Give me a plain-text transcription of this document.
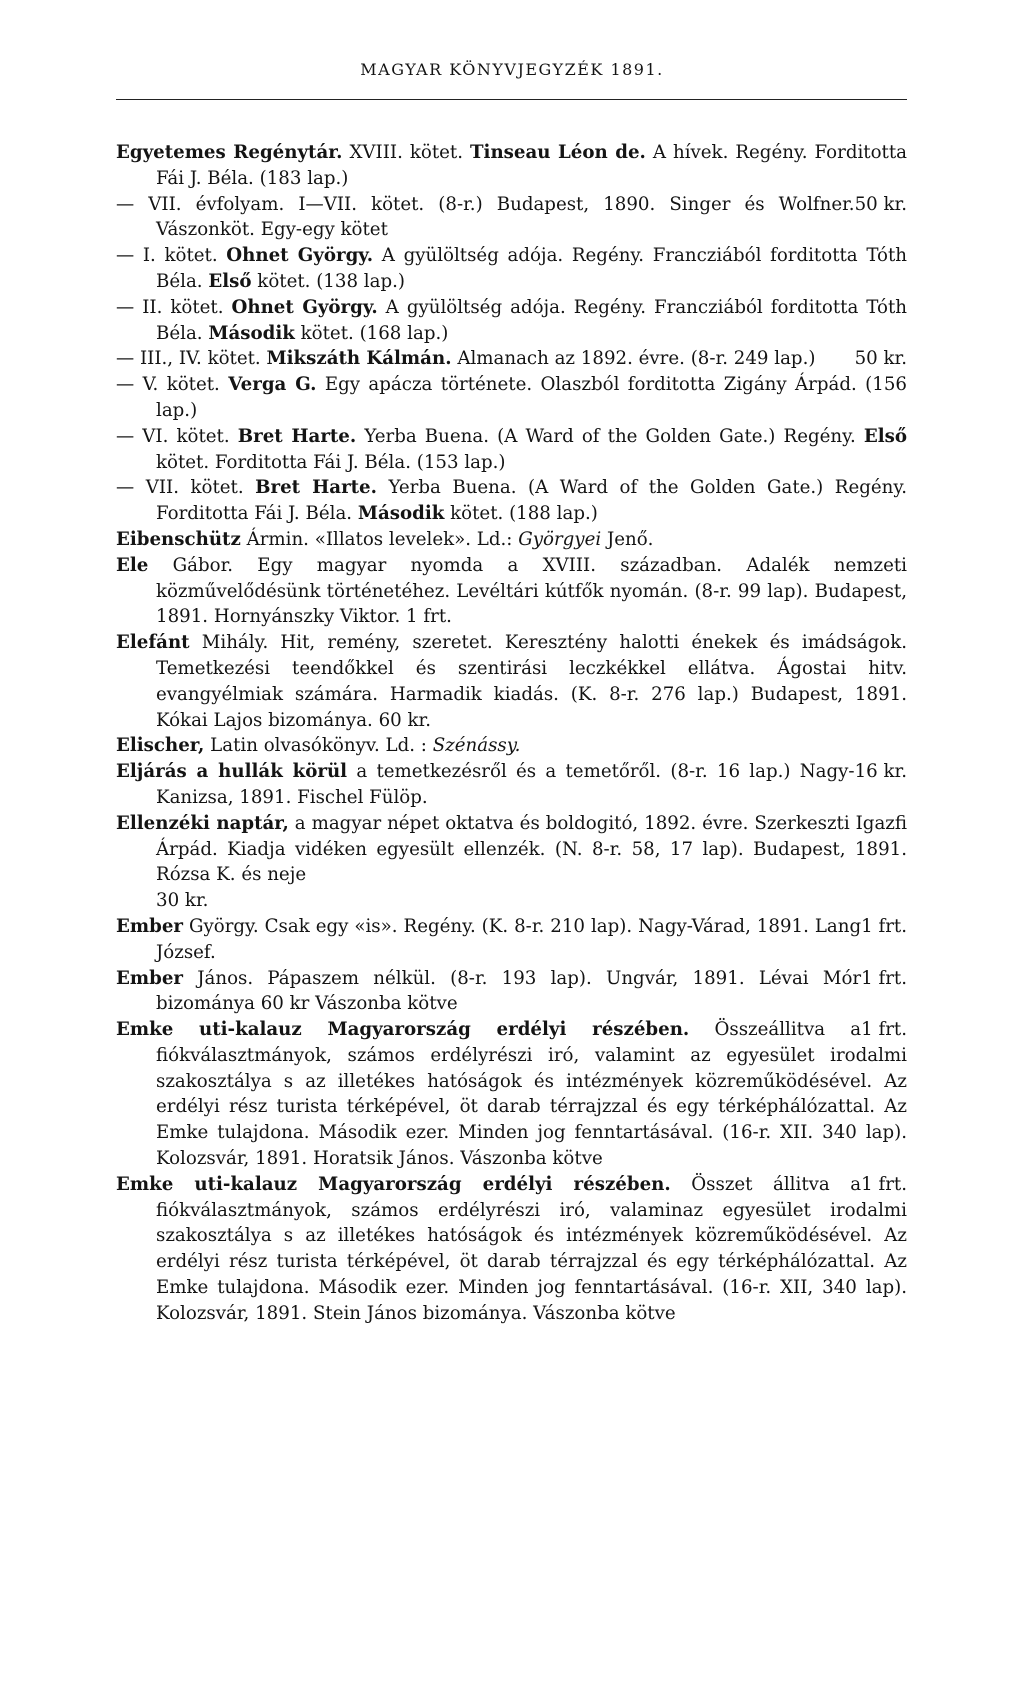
MAGYAR KÖNYVJEGYZÉK 1891.

Egyetemes Regénytár. XVIII. kötet. Tinseau Léon de. A hívek. Regény. Forditotta Fái J. Béla. (183 lap.)

50 kr.
— VII. évfolyam. I—VII. kötet. (8-r.) Budapest, 1890. Singer és Wolfner. Vászonköt. Egy-egy kötet

— I. kötet. Ohnet György. A gyülöltség adója. Regény. Francziából forditotta Tóth Béla. Első kötet. (138 lap.)

— II. kötet. Ohnet György. A gyülöltség adója. Regény. Francziából forditotta Tóth Béla. Második kötet. (168 lap.)

50 kr.
— III., IV. kötet. Mikszáth Kálmán. Almanach az 1892. évre. (8-r. 249 lap.)

— V. kötet. Verga G. Egy apácza története. Olaszból forditotta Zigány Árpád. (156 lap.)

— VI. kötet. Bret Harte. Yerba Buena. (A Ward of the Golden Gate.) Regény. Első kötet. Forditotta Fái J. Béla. (153 lap.)

— VII. kötet. Bret Harte. Yerba Buena. (A Ward of the Golden Gate.) Regény. Forditotta Fái J. Béla. Második kötet. (188 lap.)

Eibenschütz Ármin. «Illatos levelek». Ld.: Györgyei Jenő.

Ele Gábor. Egy magyar nyomda a XVIII. században. Adalék nemzeti közművelődésünk történetéhez. Levéltári kútfők nyomán. (8-r. 99 lap). Budapest, 1891. Hornyánszky Viktor. 1 frt.

Elefánt Mihály. Hit, remény, szeretet. Keresztény halotti énekek és imádságok. Temetkezési teendőkkel és szentirási leczkékkel ellátva. Ágostai hitv. evangyélmiak számára. Harmadik kiadás. (K. 8-r. 276 lap.) Budapest, 1891. Kókai Lajos bizománya. 60 kr.

Elischer, Latin olvasókönyv. Ld. : Szénássy.

16 kr.
Eljárás a hullák körül a temetkezésről és a temetőről. (8-r. 16 lap.) Nagy-Kanizsa, 1891. Fischel Fülöp.

Ellenzéki naptár, a magyar népet oktatva és boldogitó, 1892. évre. Szerkeszti Igazfi Árpád. Kiadja vidéken egyesült ellenzék. (N. 8-r. 58, 17 lap). Budapest, 1891. Rózsa K. és neje
30 kr.

1 frt.
Ember György. Csak egy «is». Regény. (K. 8-r. 210 lap). Nagy-Várad, 1891. Lang József.

1 frt.
Ember János. Pápaszem nélkül. (8-r. 193 lap). Ungvár, 1891. Lévai Mór bizománya 60 kr Vászonba kötve

1 frt.
Emke uti-kalauz Magyarország erdélyi részében. Összeállitva a fiókválasztmányok, számos erdélyrészi iró, valamint az egyesület irodalmi szakosztálya s az illetékes hatóságok és intézmények közreműködésével. Az erdélyi rész turista térképével, öt darab térrajzzal és egy térképhálózattal. Az Emke tulajdona. Második ezer. Minden jog fenntartásával. (16-r. XII. 340 lap). Kolozsvár, 1891. Horatsik János. Vászonba kötve

1 frt.
Emke uti-kalauz Magyarország erdélyi részében. Összet állitva a fiókválasztmányok, számos erdélyrészi iró, valaminaz egyesület irodalmi szakosztálya s az illetékes hatóságok és intézmények közreműködésével. Az erdélyi rész turista térképével, öt darab térrajzzal és egy térképhálózattal. Az Emke tulajdona. Második ezer. Minden jog fenntartásával. (16-r. XII, 340 lap). Kolozsvár, 1891. Stein János bizománya. Vászonba kötve
